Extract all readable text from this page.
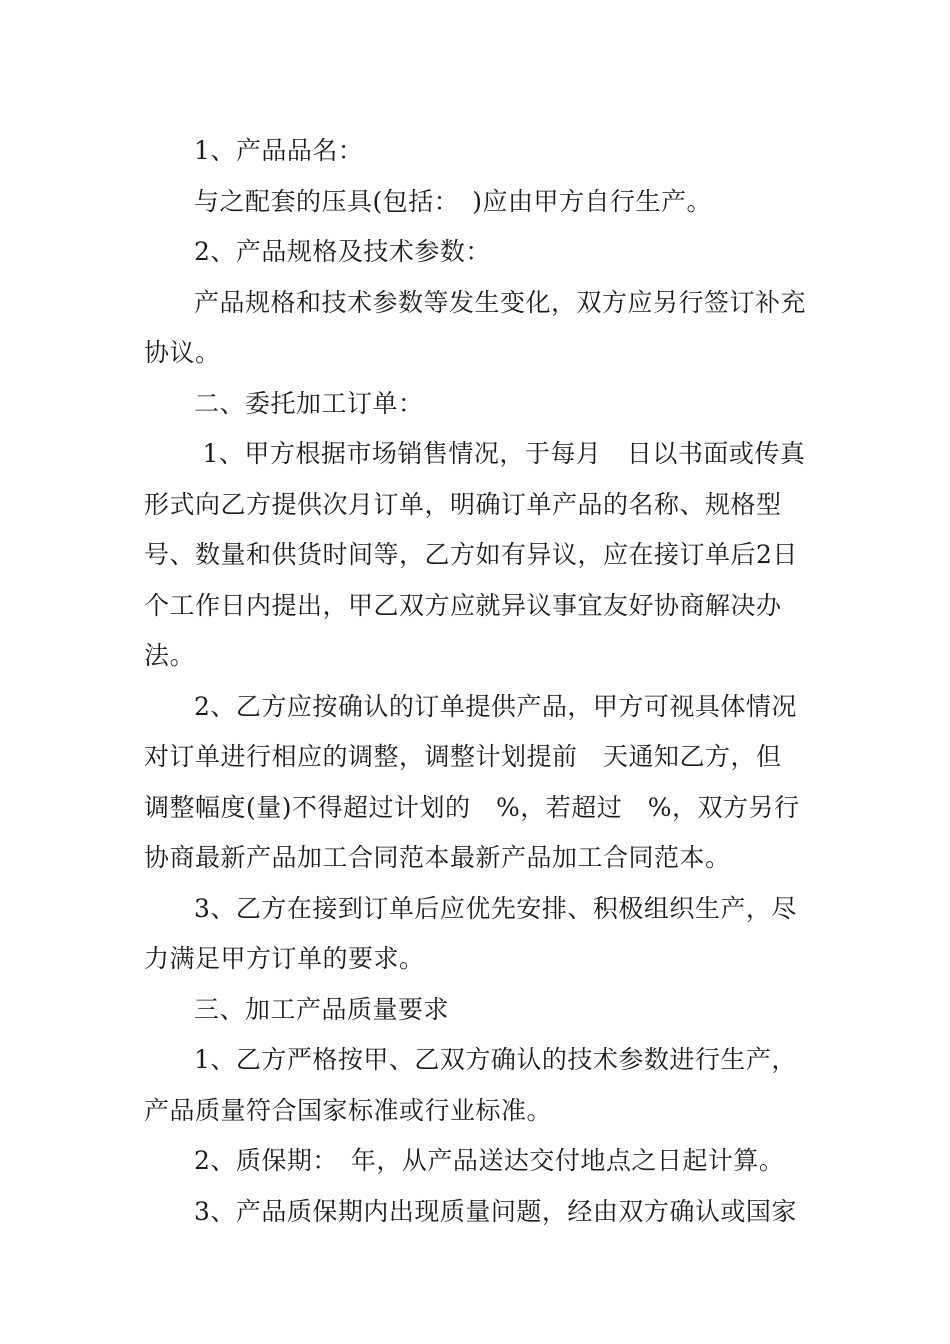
1、产品品名：

与之配套的压具(包括：　)应由甲方自行生产。

2、产品规格及技术参数：

产品规格和技术参数等发生变化，双方应另行签订补充协议。

二、委托加工订单：

1、甲方根据市场销售情况，于每月　日以书面或传真形式向乙方提供次月订单，明确订单产品的名称、规格型号、数量和供货时间等，乙方如有异议，应在接订单后2日个工作日内提出，甲乙双方应就异议事宜友好协商解决办法。

2、乙方应按确认的订单提供产品，甲方可视具体情况对订单进行相应的调整，调整计划提前　天通知乙方，但调整幅度(量)不得超过计划的　%，若超过　%，双方另行协商最新产品加工合同范本最新产品加工合同范本。

3、乙方在接到订单后应优先安排、积极组织生产，尽力满足甲方订单的要求。

三、加工产品质量要求

1、乙方严格按甲、乙双方确认的技术参数进行生产，产品质量符合国家标准或行业标准。

2、质保期：　年，从产品送达交付地点之日起计算。

3、产品质保期内出现质量问题，经由双方确认或国家
